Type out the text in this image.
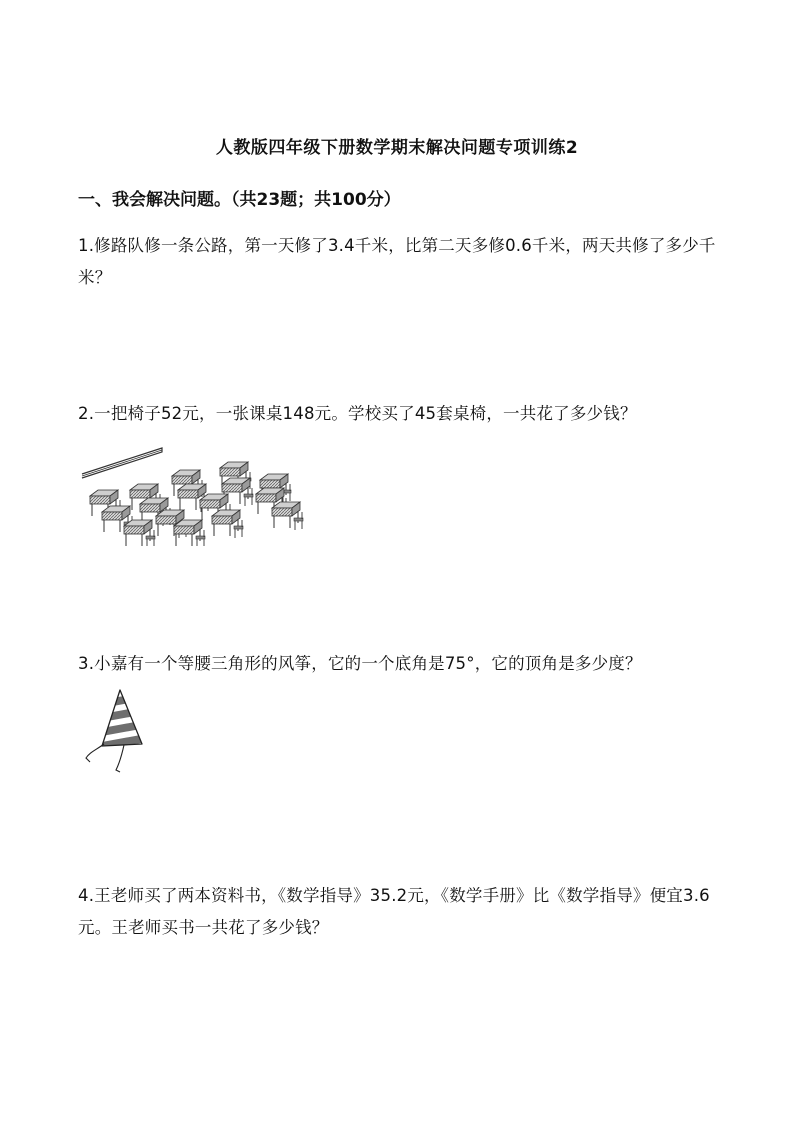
人教版四年级下册数学期末解决问题专项训练2
一、我会解决问题。（共23题；共100分）
1.修路队修一条公路，第一天修了3.4千米，比第二天多修0.6千米，两天共修了多少千米？
2.一把椅子52元，一张课桌148元。学校买了45套桌椅，一共花了多少钱？
3.小嘉有一个等腰三角形的风筝，它的一个底角是75°，它的顶角是多少度？
4.王老师买了两本资料书，《数学指导》35.2元，《数学手册》比《数学指导》便宜3.6元。王老师买书一共花了多少钱？
